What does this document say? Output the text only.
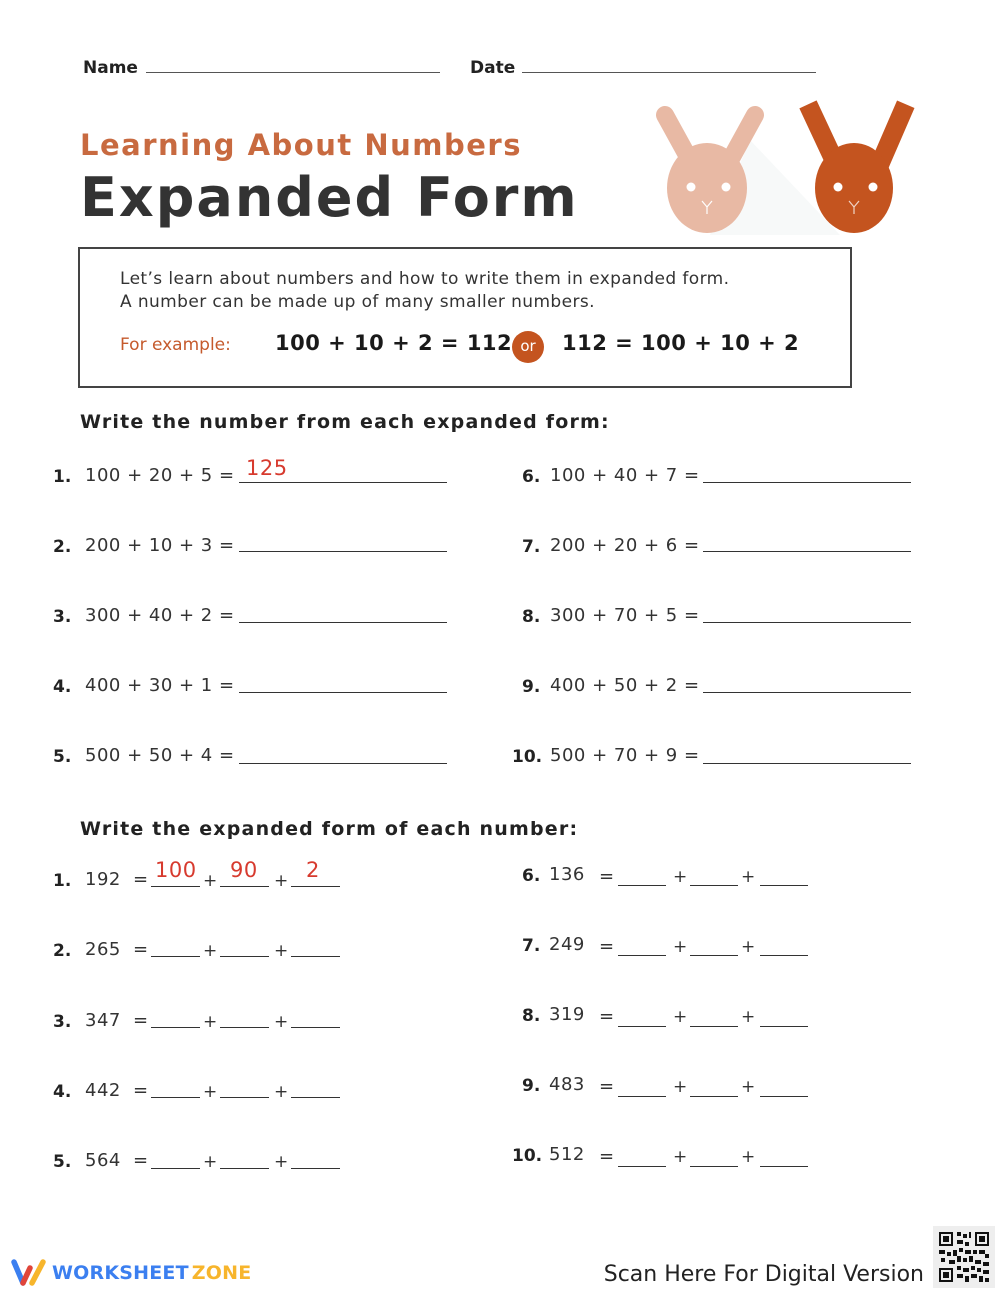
Name	Date
Learning About Numbers
Expanded Form
Let’s learn about numbers and how to write them in expanded form.
A number can be made up of many smaller numbers.
For example: 100 + 10 + 2 = 112 or	112 = 100 + 10 + 2
Write the number from each expanded form:
1. 100 + 20 + 5 = 125
2. 200 + 10 + 3 =
3. 300 + 40 + 2 =
4. 400 + 30 + 1 =
5. 500 + 50 + 4 =
6. 100 + 40 + 7 =
7. 200 + 20 + 6 =
8. 300 + 70 + 5 =
9. 400 + 50 + 2 =
10. 500 + 70 + 9 =
Write the expanded form of each number:
1. 192 = 100 + 90 + 2
2. 265 =	+	+
3. 347 =	+	+
4. 442 =	+	+
5. 564 =	+	+
6. 136 =	+	+
7. 249 =	+	+
8. 319 =	+	+
9. 483 =	+	+
10. 512 =	+	+
WORKSHEET ZONE	Scan Here For Digital Version
